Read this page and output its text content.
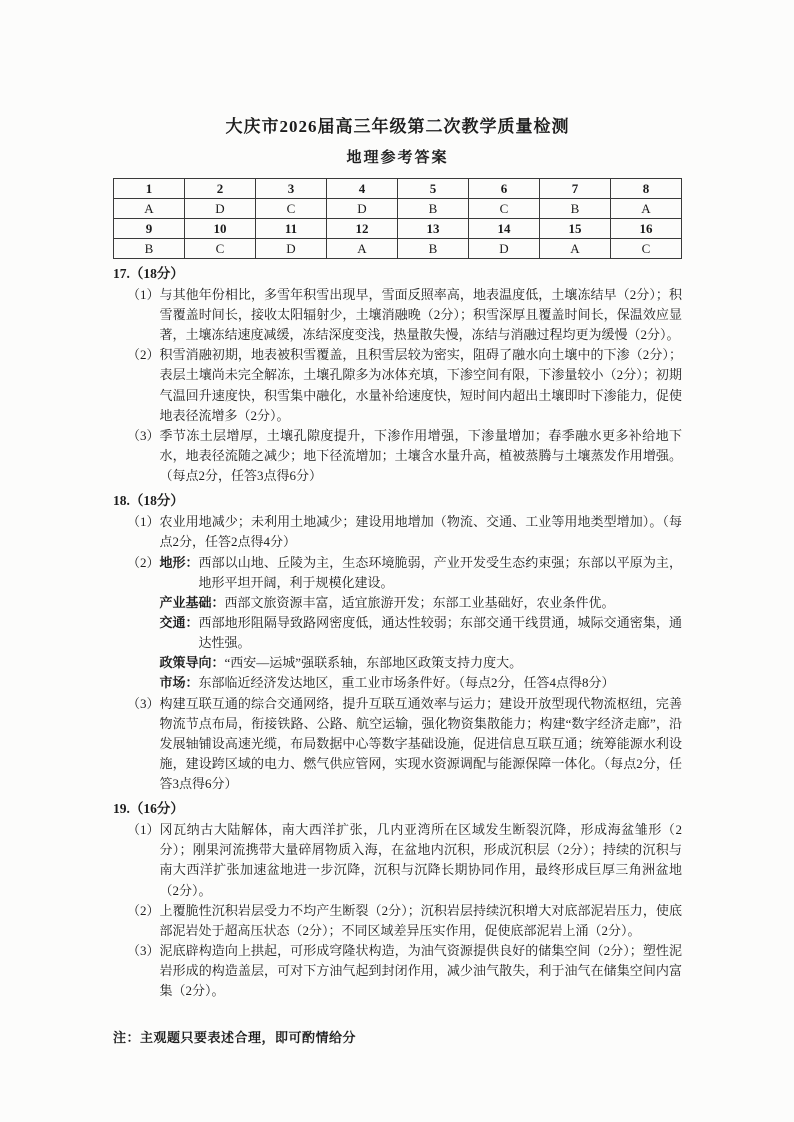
大庆市2026届高三年级第二次教学质量检测
地理参考答案
1	2	3	4	5	6	7	8
A	D	C	D	B	C	B	A
9	10	11	12	13	14	15	16
B	C	D	A	B	D	A	C
17.（18分）
（1） 与其他年份相比，多雪年积雪出现早，雪面反照率高，地表温度低，土壤冻结早（2分）；积雪覆盖时间长，接收太阳辐射少，土壤消融晚（2分）；积雪深厚且覆盖时间长，保温效应显著，土壤冻结速度减缓，冻结深度变浅，热量散失慢，冻结与消融过程均更为缓慢（2分）。
（2） 积雪消融初期，地表被积雪覆盖，且积雪层较为密实，阻碍了融水向土壤中的下渗（2分）；表层土壤尚未完全解冻，土壤孔隙多为冰体充填，下渗空间有限，下渗量较小（2分）；初期气温回升速度快，积雪集中融化，水量补给速度快，短时间内超出土壤即时下渗能力，促使地表径流增多（2分）。
（3） 季节冻土层增厚，土壤孔隙度提升，下渗作用增强，下渗量增加；春季融水更多补给地下水，地表径流随之减少；地下径流增加；土壤含水量升高，植被蒸腾与土壤蒸发作用增强。（每点2分，任答3点得6分）
18.（18分）
（1） 农业用地减少；未利用土地减少；建设用地增加（物流、交通、工业等用地类型增加）。（每点2分，任答2点得4分）
（2） 地形： 西部以山地、丘陵为主，生态环境脆弱，产业开发受生态约束强；东部以平原为主，地形平坦开阔，利于规模化建设。
产业基础： 西部文旅资源丰富，适宜旅游开发；东部工业基础好，农业条件优。
交通： 西部地形阻隔导致路网密度低，通达性较弱；东部交通干线贯通，城际交通密集，通达性强。
政策导向： “西安—运城”强联系轴，东部地区政策支持力度大。
市场： 东部临近经济发达地区，重工业市场条件好。（每点2分，任答4点得8分）
（3） 构建互联互通的综合交通网络，提升互联互通效率与运力；建设开放型现代物流枢纽，完善物流节点布局，衔接铁路、公路、航空运输，强化物资集散能力；构建“数字经济走廊”，沿发展轴铺设高速光缆，布局数据中心等数字基础设施，促进信息互联互通；统筹能源水利设施，建设跨区域的电力、燃气供应管网，实现水资源调配与能源保障一体化。（每点2分，任答3点得6分）
19.（16分）
（1） 冈瓦纳古大陆解体，南大西洋扩张，几内亚湾所在区域发生断裂沉降，形成海盆雏形（2分）；刚果河流携带大量碎屑物质入海，在盆地内沉积，形成沉积层（2分）；持续的沉积与南大西洋扩张加速盆地进一步沉降，沉积与沉降长期协同作用，最终形成巨厚三角洲盆地（2分）。
（2） 上覆脆性沉积岩层受力不均产生断裂（2分）；沉积岩层持续沉积增大对底部泥岩压力，使底部泥岩处于超高压状态（2分）；不同区域差异压实作用，促使底部泥岩上涌（2分）。
（3） 泥底辟构造向上拱起，可形成穹隆状构造，为油气资源提供良好的储集空间（2分）；塑性泥岩形成的构造盖层，可对下方油气起到封闭作用，减少油气散失，利于油气在储集空间内富集（2分）。
注：主观题只要表述合理，即可酌情给分
